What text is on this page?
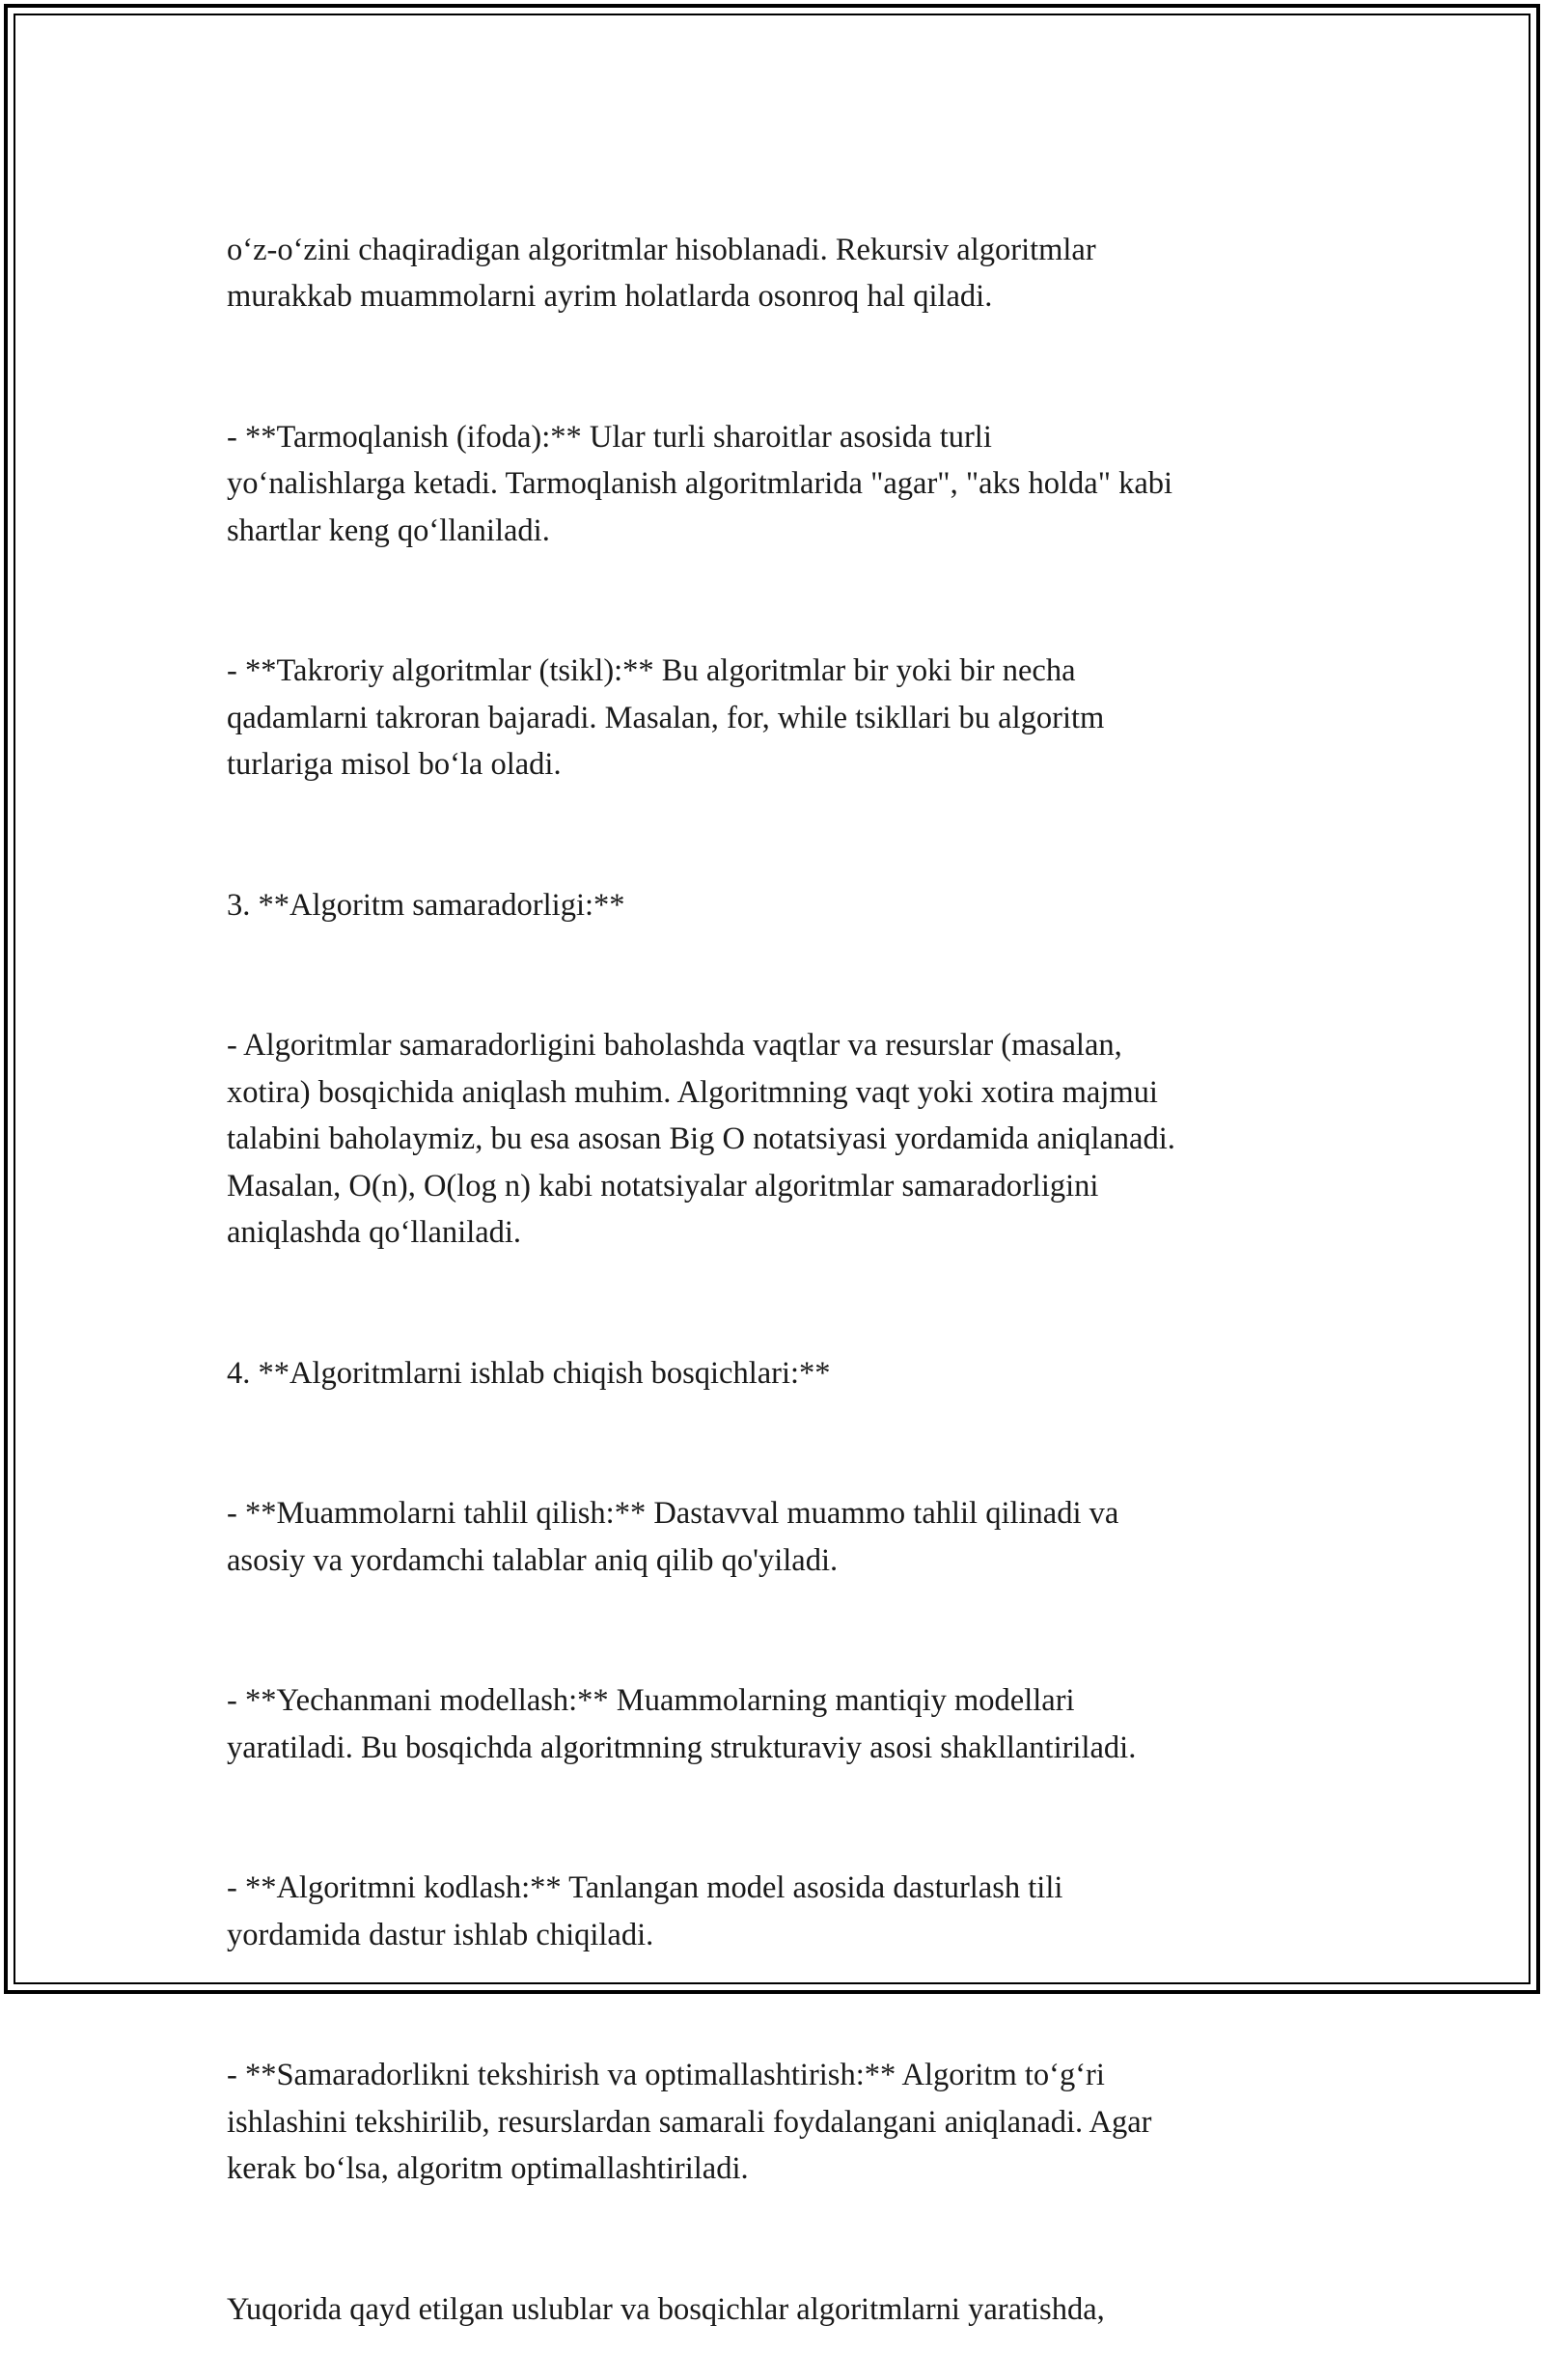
o‘z-o‘zini chaqiradigan algoritmlar hisoblanadi. Rekursiv algoritmlar
murakkab muammolarni ayrim holatlarda osonroq hal qiladi.

- **Tarmoqlanish (ifoda):** Ular turli sharoitlar asosida turli
yo‘nalishlarga ketadi. Tarmoqlanish algoritmlarida "agar", "aks holda" kabi
shartlar keng qo‘llaniladi.

- **Takroriy algoritmlar (tsikl):** Bu algoritmlar bir yoki bir necha
qadamlarni takroran bajaradi. Masalan, for, while tsikllari bu algoritm
turlariga misol bo‘la oladi.

3. **Algoritm samaradorligi:**

- Algoritmlar samaradorligini baholashda vaqtlar va resurslar (masalan,
xotira) bosqichida aniqlash muhim. Algoritmning vaqt yoki xotira majmui
talabini baholaymiz, bu esa asosan Big O notatsiyasi yordamida aniqlanadi.
Masalan, O(n), O(log n) kabi notatsiyalar algoritmlar samaradorligini
aniqlashda qo‘llaniladi.

4. **Algoritmlarni ishlab chiqish bosqichlari:**

- **Muammolarni tahlil qilish:** Dastavval muammo tahlil qilinadi va
asosiy va yordamchi talablar aniq qilib qo'yiladi.

- **Yechanmani modellash:** Muammolarning mantiqiy modellari
yaratiladi. Bu bosqichda algoritmning strukturaviy asosi shakllantiriladi.

- **Algoritmni kodlash:** Tanlangan model asosida dasturlash tili
yordamida dastur ishlab chiqiladi.

- **Samaradorlikni tekshirish va optimallashtirish:** Algoritm to‘g‘ri
ishlashini tekshirilib, resurslardan samarali foydalangani aniqlanadi. Agar
kerak bo‘lsa, algoritm optimallashtiriladi.

Yuqorida qayd etilgan uslublar va bosqichlar algoritmlarni yaratishda,
